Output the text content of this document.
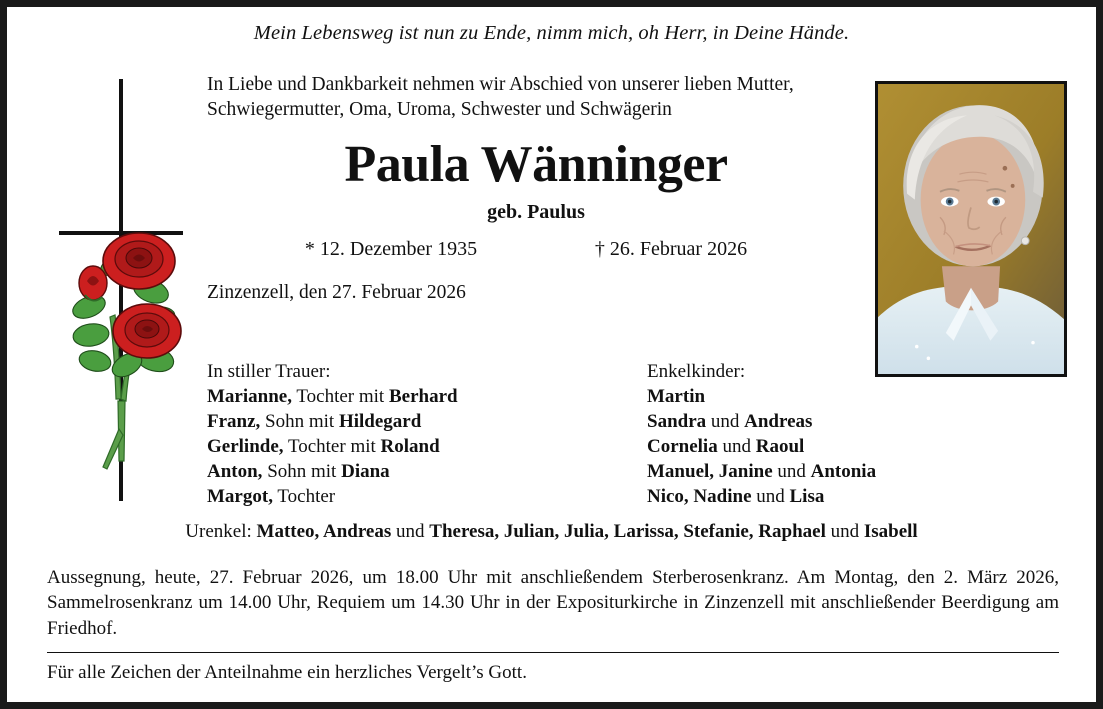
Mein Lebensweg ist nun zu Ende, nimm mich, oh Herr, in Deine Hände.
In Liebe und Dankbarkeit nehmen wir Abschied von unserer lieben Mutter, Schwiegermutter, Oma, Uroma, Schwester und Schwägerin
Paula Wänninger
geb. Paulus
* 12. Dezember 1935	† 26. Februar 2026
Zinzenzell, den 27. Februar 2026
In stiller Trauer:
Marianne, Tochter mit Berhard
Franz, Sohn mit Hildegard
Gerlinde, Tochter mit Roland
Anton, Sohn mit Diana
Margot, Tochter
Enkelkinder:
Martin
Sandra und Andreas
Cornelia und Raoul
Manuel, Janine und Antonia
Nico, Nadine und Lisa
Urenkel: Matteo, Andreas und Theresa, Julian, Julia, Larissa, Stefanie, Raphael und Isabell

Aussegnung, heute, 27. Februar 2026, um 18.00 Uhr mit anschließendem Sterberosenkranz. Am Montag, den 2. März 2026, Sammelrosenkranz um 14.00 Uhr, Requiem um 14.30 Uhr in der Expositurkirche in Zinzenzell mit anschließender Beerdigung am Friedhof.

Für alle Zeichen der Anteilnahme ein herzliches Vergelt’s Gott.
